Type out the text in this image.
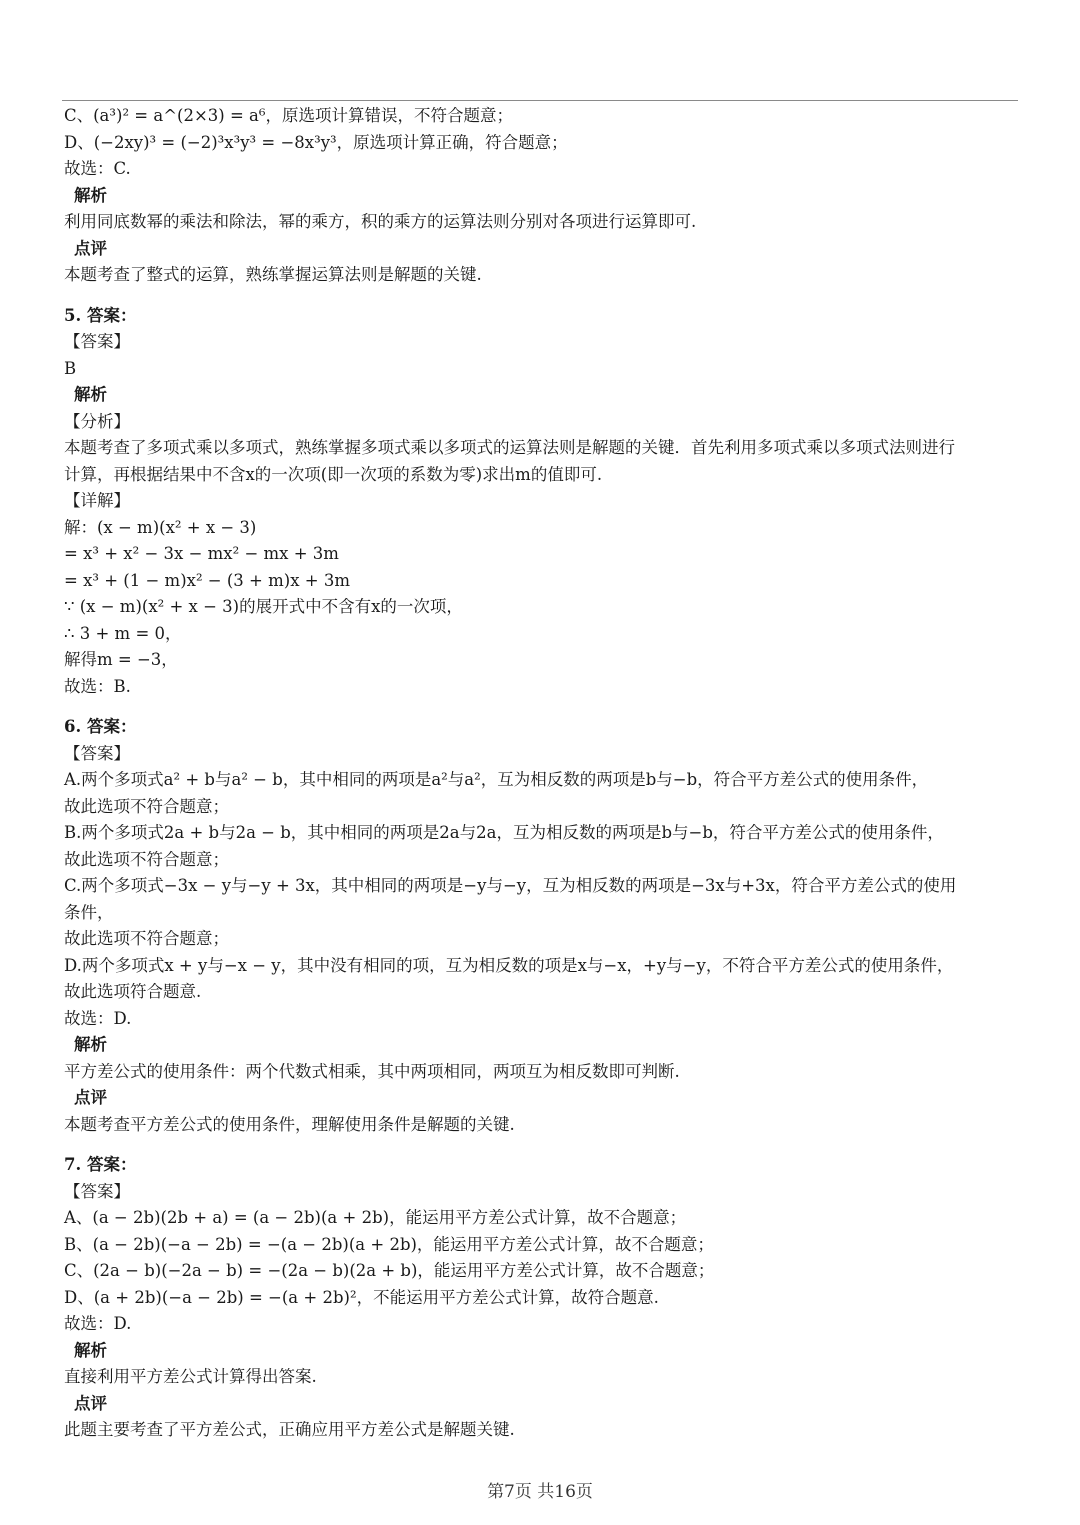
C、(a³)² = a^(2×3) = a⁶，原选项计算错误，不符合题意；
D、(−2xy)³ = (−2)³x³y³ = −8x³y³，原选项计算正确，符合题意；
故选：C.
解析
利用同底数幂的乘法和除法，幂的乘方，积的乘方的运算法则分别对各项进行运算即可.
点评
本题考查了整式的运算，熟练掌握运算法则是解题的关键.
5. 答案：
【答案】
B
解析
【分析】
本题考查了多项式乘以多项式，熟练掌握多项式乘以多项式的运算法则是解题的关键．首先利用多项式乘以多项式法则进行
计算，再根据结果中不含x的一次项(即一次项的系数为零)求出m的值即可.
【详解】
解：(x − m)(x² + x − 3)
= x³ + x² − 3x − mx² − mx + 3m
= x³ + (1 − m)x² − (3 + m)x + 3m
∵ (x − m)(x² + x − 3)的展开式中不含有x的一次项，
∴ 3 + m = 0，
解得m = −3，
故选：B.
6. 答案：
【答案】
A.两个多项式a² + b与a² − b，其中相同的两项是a²与a²，互为相反数的两项是b与−b，符合平方差公式的使用条件，
故此选项不符合题意；
B.两个多项式2a + b与2a − b，其中相同的两项是2a与2a，互为相反数的两项是b与−b，符合平方差公式的使用条件，
故此选项不符合题意；
C.两个多项式−3x − y与−y + 3x，其中相同的两项是−y与−y，互为相反数的两项是−3x与+3x，符合平方差公式的使用
条件，
故此选项不符合题意；
D.两个多项式x + y与−x − y，其中没有相同的项，互为相反数的项是x与−x，+y与−y，不符合平方差公式的使用条件，
故此选项符合题意.
故选：D.
解析
平方差公式的使用条件：两个代数式相乘，其中两项相同，两项互为相反数即可判断.
点评
本题考查平方差公式的使用条件，理解使用条件是解题的关键.
7. 答案：
【答案】
A、(a − 2b)(2b + a) = (a − 2b)(a + 2b)，能运用平方差公式计算，故不合题意；
B、(a − 2b)(−a − 2b) = −(a − 2b)(a + 2b)，能运用平方差公式计算，故不合题意；
C、(2a − b)(−2a − b) = −(2a − b)(2a + b)，能运用平方差公式计算，故不合题意；
D、(a + 2b)(−a − 2b) = −(a + 2b)²，不能运用平方差公式计算，故符合题意.
故选：D.
解析
直接利用平方差公式计算得出答案.
点评
此题主要考查了平方差公式，正确应用平方差公式是解题关键.
第7页 共16页
